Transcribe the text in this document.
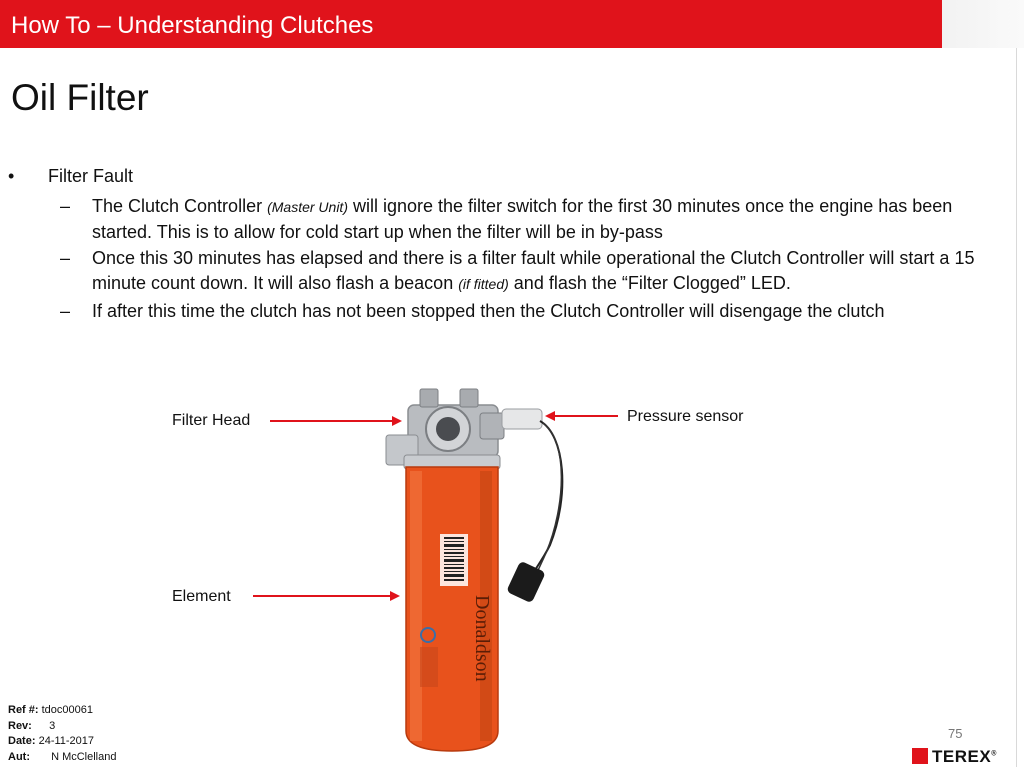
How To – Understanding Clutches
Oil Filter
• Filter Fault
– The Clutch Controller (Master Unit) will ignore the filter switch for the first 30 minutes once the engine has been started. This is to allow for cold start up when the filter will be in by-pass
– Once this 30 minutes has elapsed and there is a filter fault while operational the Clutch Controller will start a 15 minute count down. It will also flash a beacon (if fitted) and flash the “Filter Clogged” LED.
– If after this time the clutch has not been stopped then the Clutch Controller will disengage the clutch
Donaldson
Filter Head	Pressure sensor
Element
Ref #: tdoc00061
Rev: 3
Date: 24-11-2017
Aut: N McClelland
75
TEREX®
